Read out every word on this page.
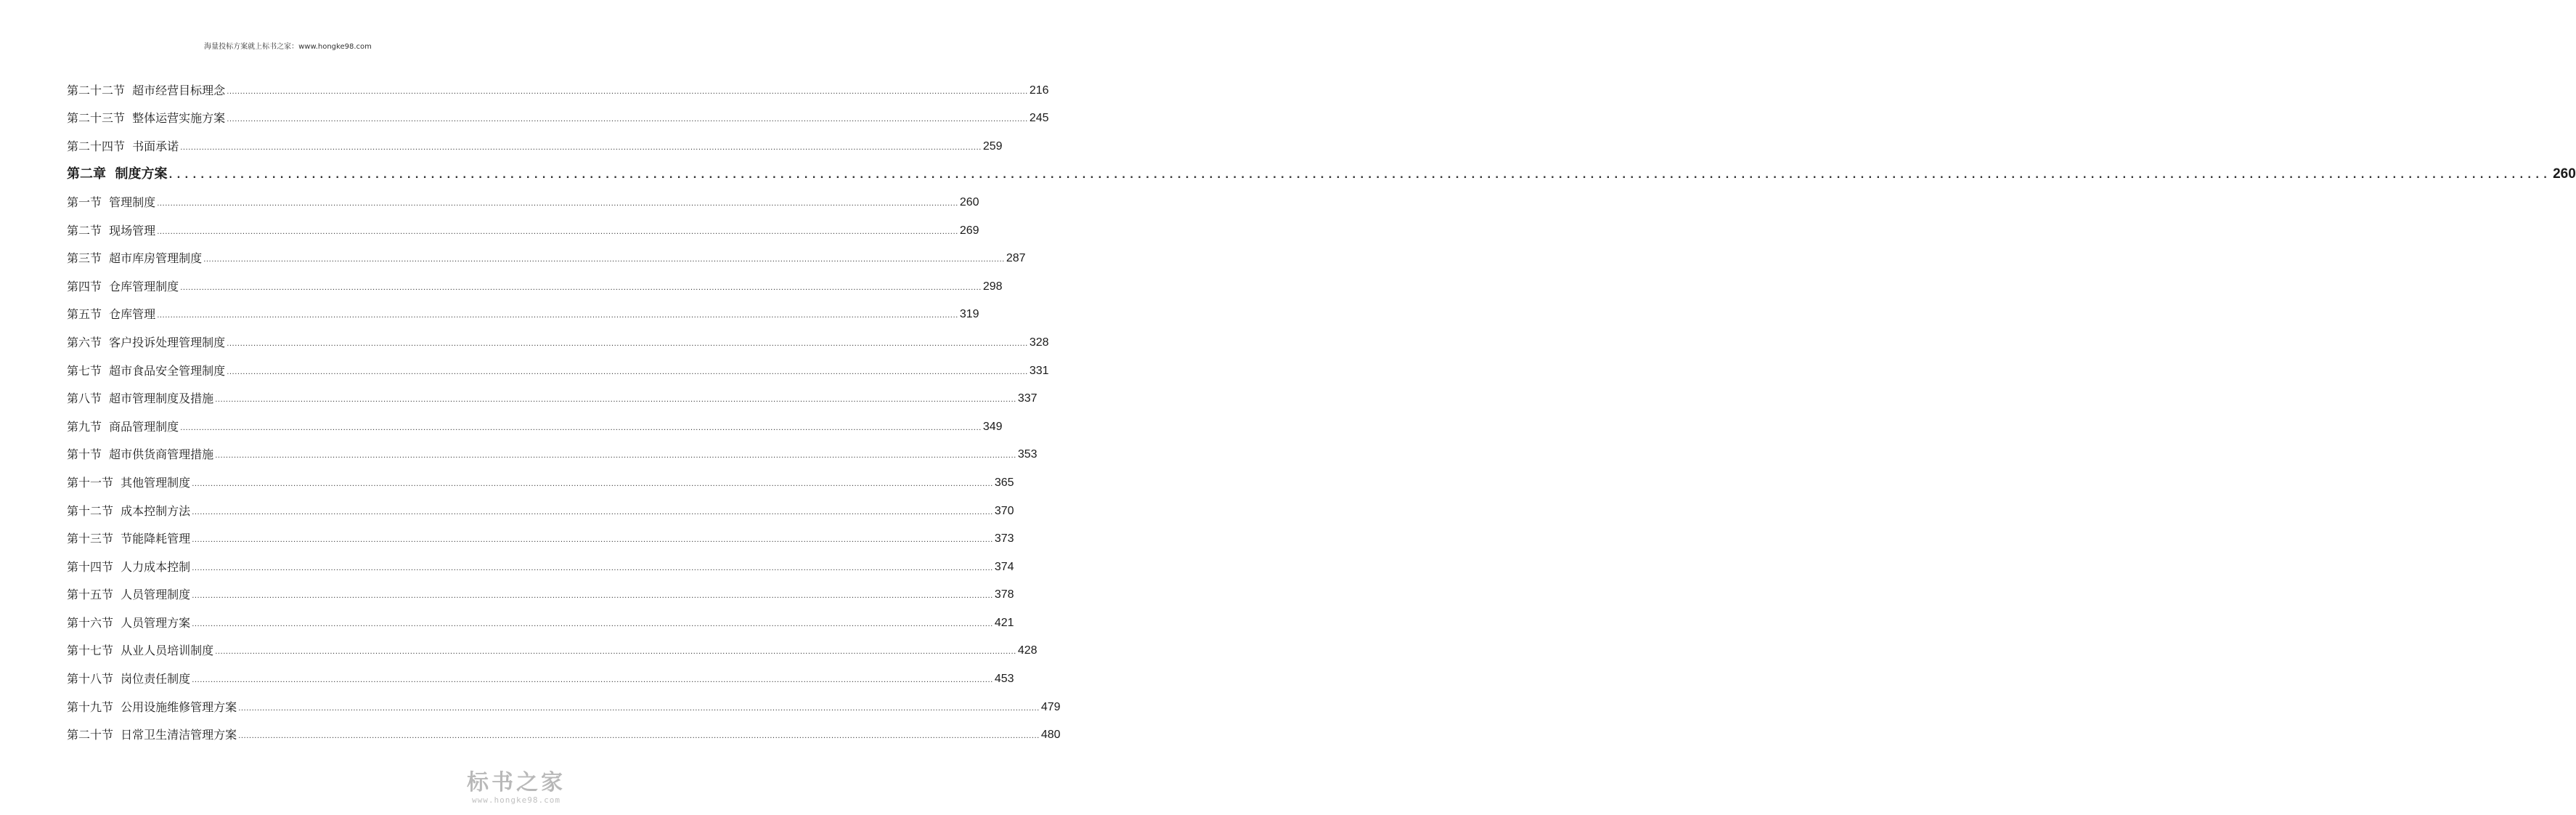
海量投标方案就上标书之家：www.hongke98.com
第二十二节  超市经营目标理念 ............................................................................................................................................................................................................................................................................................................ 216
第二十三节  整体运营实施方案 ............................................................................................................................................................................................................................................................................................................ 245
第二十四节  书面承诺 ............................................................................................................................................................................................................................................................................................................ 259
第二章  制度方案 ............................................................................................................................................................................................................................................................................................................ 260
第一节  管理制度 ............................................................................................................................................................................................................................................................................................................ 260
第二节  现场管理 ............................................................................................................................................................................................................................................................................................................ 269
第三节  超市库房管理制度 ............................................................................................................................................................................................................................................................................................................ 287
第四节  仓库管理制度 ............................................................................................................................................................................................................................................................................................................ 298
第五节  仓库管理 ............................................................................................................................................................................................................................................................................................................ 319
第六节  客户投诉处理管理制度 ............................................................................................................................................................................................................................................................................................................ 328
第七节  超市食品安全管理制度 ............................................................................................................................................................................................................................................................................................................ 331
第八节  超市管理制度及措施 ............................................................................................................................................................................................................................................................................................................ 337
第九节  商品管理制度 ............................................................................................................................................................................................................................................................................................................ 349
第十节  超市供货商管理措施 ............................................................................................................................................................................................................................................................................................................ 353
第十一节  其他管理制度 ............................................................................................................................................................................................................................................................................................................ 365
第十二节  成本控制方法 ............................................................................................................................................................................................................................................................................................................ 370
第十三节  节能降耗管理 ............................................................................................................................................................................................................................................................................................................ 373
第十四节  人力成本控制 ............................................................................................................................................................................................................................................................................................................ 374
第十五节  人员管理制度 ............................................................................................................................................................................................................................................................................................................ 378
第十六节  人员管理方案 ............................................................................................................................................................................................................................................................................................................ 421
第十七节  从业人员培训制度 ............................................................................................................................................................................................................................................................................................................ 428
第十八节  岗位责任制度 ............................................................................................................................................................................................................................................................................................................ 453
第十九节  公用设施维修管理方案 ............................................................................................................................................................................................................................................................................................................ 479
第二十节  日常卫生清洁管理方案 ............................................................................................................................................................................................................................................................................................................ 480
标书之家
www.hongke98.com
